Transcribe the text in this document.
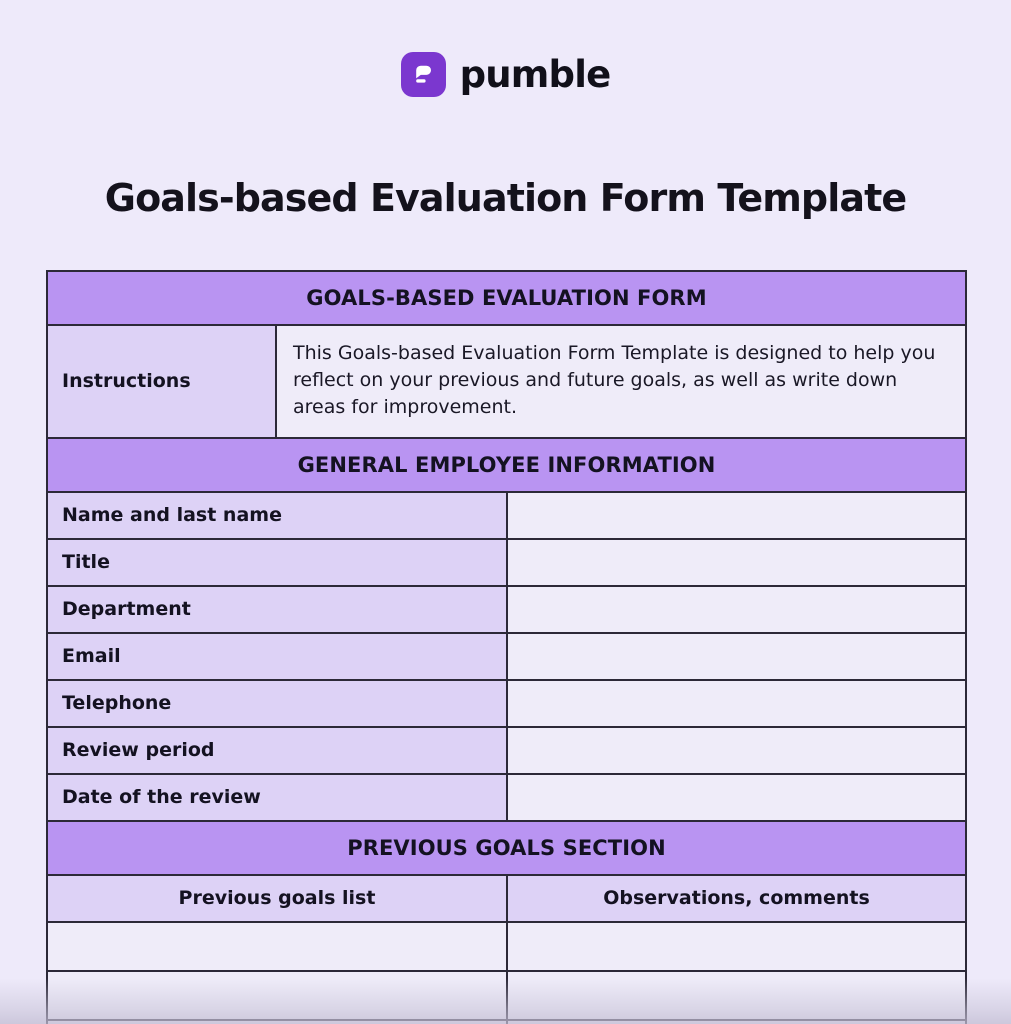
pumble
Goals-based Evaluation Form Template
GOALS-BASED EVALUATION FORM		
Instructions	This Goals-based Evaluation Form Template is designed to help you reflect on your previous and future goals, as well as write down areas for improvement.	
GENERAL EMPLOYEE INFORMATION		
Name and last name		
Title		
Department		
Email		
Telephone		
Review period		
Date of the review		
PREVIOUS GOALS SECTION		
Previous goals list		Observations, comments
